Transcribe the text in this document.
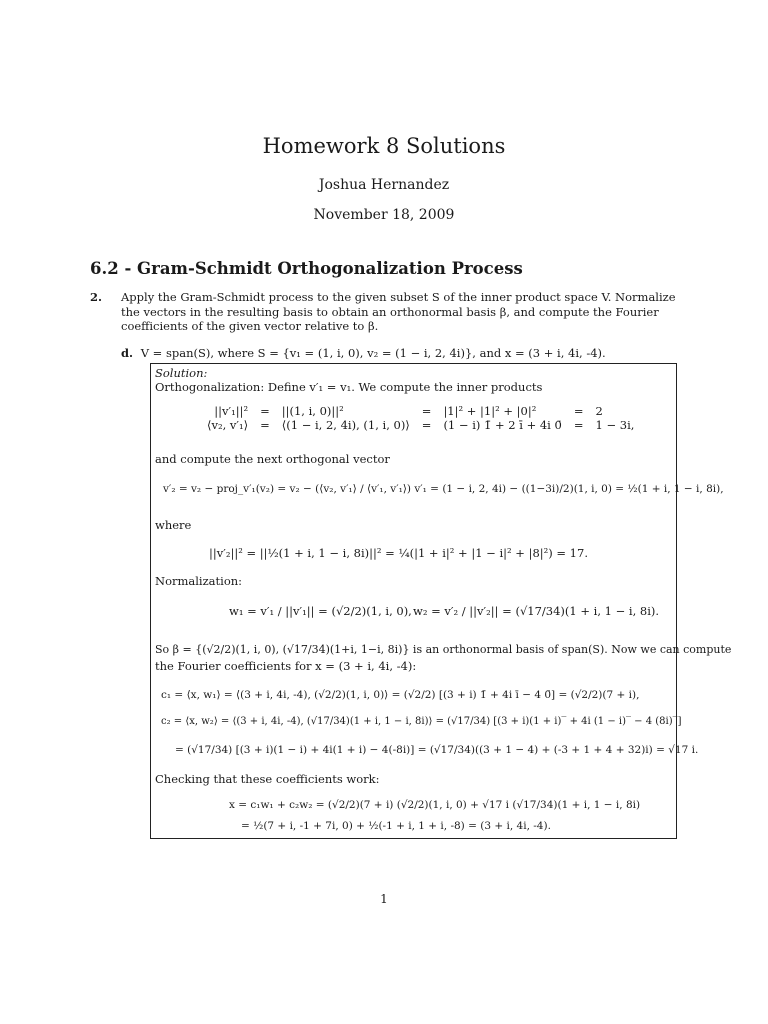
Homework 8 Solutions
Joshua Hernandez
November 18, 2009
6.2 - Gram-Schmidt Orthogonalization Process
2.	Apply the Gram-Schmidt process to the given subset S of the inner product space V. Normalize the vectors in the resulting basis to obtain an orthonormal basis β, and compute the Fourier coefficients of the given vector relative to β.
d. V = span(S), where S = {v₁ = (1, i, 0), v₂ = (1 − i, 2, 4i)}, and x = (3 + i, 4i, -4).
Solution:
Orthogonalization: Define v′₁ = v₁. We compute the inner products
||v′₁||²	=	||(1, i, 0)||²	=	|1|² + |1|² + |0|²	=	2
⟨v₂, v′₁⟩	=	⟨(1 − i, 2, 4i), (1, i, 0)⟩	=	(1 − i) 1̄ + 2 ī + 4i 0̄	=	1 − 3i,
and compute the next orthogonal vector
v′₂ = v₂ − proj_v′₁(v₂) = v₂ − (⟨v₂, v′₁⟩ / ⟨v′₁, v′₁⟩) v′₁ = (1 − i, 2, 4i) − ((1−3i)/2)(1, i, 0) = ½(1 + i, 1 − i, 8i),
where
||v′₂||² = ||½(1 + i, 1 − i, 8i)||² = ¼(|1 + i|² + |1 − i|² + |8|²) = 17.
Normalization:
w₁ = v′₁ / ||v′₁|| = (√2/2)(1, i, 0), w₂ = v′₂ / ||v′₂|| = (√17/34)(1 + i, 1 − i, 8i).
So β = {(√2/2)(1, i, 0), (√17/34)(1+i, 1−i, 8i)} is an orthonormal basis of span(S). Now we can compute
the Fourier coefficients for x = (3 + i, 4i, -4):
c₁ = ⟨x, w₁⟩ = ⟨(3 + i, 4i, -4), (√2/2)(1, i, 0)⟩ = (√2/2) [(3 + i) 1̄ + 4i ī − 4 0̄] = (√2/2)(7 + i),
c₂ = ⟨x, w₂⟩ = ⟨(3 + i, 4i, -4), (√17/34)(1 + i, 1 − i, 8i)⟩ = (√17/34) [(3 + i)(1 + i)‾ + 4i (1 − i)‾ − 4 (8i)‾]
= (√17/34) [(3 + i)(1 − i) + 4i(1 + i) − 4(-8i)] = (√17/34)((3 + 1 − 4) + (-3 + 1 + 4 + 32)i) = √17 i.
Checking that these coefficients work:
x = c₁w₁ + c₂w₂ = (√2/2)(7 + i) (√2/2)(1, i, 0) + √17 i (√17/34)(1 + i, 1 − i, 8i)
= ½(7 + i, -1 + 7i, 0) + ½(-1 + i, 1 + i, -8) = (3 + i, 4i, -4).
1
